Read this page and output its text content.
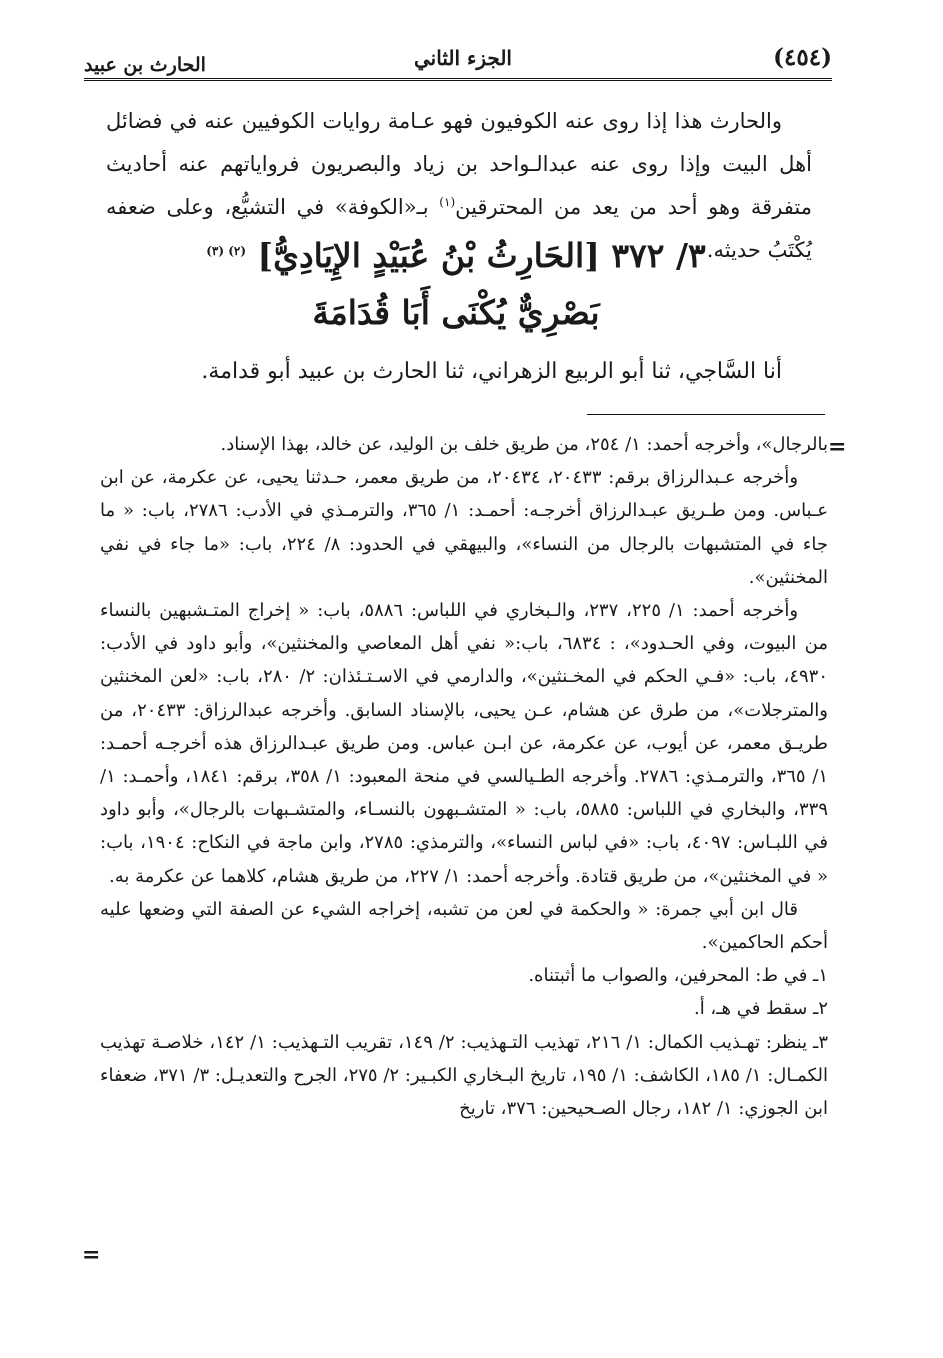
(٤٥٤)
الجزء الثاني
الحارث بن عبيد

والحارث هذا إذا روى عنه الكوفيون فهو عـامة روايات الكوفيين عنه في فضائل أهل البيت وإذا روى عنه عبدالـواحد بن زياد والبصريون فرواياتهم عنه أحاديث متفرقة وهو أحد من يعد من المحترقين$^{(١)}$ بـ«الكوفة» في التشيُّع، وعلى ضعفه يُكْتَبُ حديثه.

٣/ ٣٧٢ [الحَارِثُ بْنُ عُبَيْدٍ الإِيَادِيُّ] $^{(٢) (٣)}$
بَصْرِيٌّ يُكْنَى أَبَا قُدَامَةَ
أنا السَّاجي، ثنا أبو الربيع الزهراني، ثنا الحارث بن عبيد أبو قدامة.
=

بالرجال»، وأخرجه أحمد: ١/ ٢٥٤، من طريق خلف بن الوليد، عن خالد، بهذا الإسناد.

وأخرجه عـبدالرزاق برقم: ٢٠٤٣٣، ٢٠٤٣٤، من طريق معمر، حـدثنا يحيى، عن عكرمة، عن ابن عـباس. ومن طـريق عبـدالرزاق أخرجـه: أحمـد: ١/ ٣٦٥، والترمـذي في الأدب: ٢٧٨٦، باب: « ما جاء في المتشبهات بالرجال من النساء»، والبيهقي في الحدود: ٨/ ٢٢٤، باب: «ما جاء في نفي المخنثين».

وأخرجه أحمد: ١/ ٢٢٥، ٢٣٧، والـبخاري في اللباس: ٥٨٨٦، باب: « إخراج المتـشبهين بالنساء من البيوت، وفي الحـدود»، : ٦٨٣٤، باب:« نفي أهل المعاصي والمخنثين»، وأبو داود في الأدب: ٤٩٣٠، باب: «فـي الحكم في المخـنثين»، والدارمي في الاسـتـئذان: ٢/ ٢٨٠، باب: «لعن المخنثين والمترجلات»، من طرق عن هشام، عـن يحيى، بالإسناد السابق. وأخرجه عبدالرزاق: ٢٠٤٣٣، من طريـق معمر، عن أيوب، عن عكرمة، عن ابـن عباس. ومن طريق عبـدالرزاق هذه أخرجـه أحمـد: ١/ ٣٦٥، والترمـذي: ٢٧٨٦. وأخرجه الطـيالسي في منحة المعبود: ١/ ٣٥٨، برقم: ١٨٤١، وأحمـد: ١/ ٣٣٩، والبخاري في اللباس: ٥٨٨٥، باب: « المتشـبهون بالنسـاء، والمتشـبهات بالرجال»، وأبو داود في اللبـاس: ٤٠٩٧، باب: «في لباس النساء»، والترمذي: ٢٧٨٥، وابن ماجة في النكاح: ١٩٠٤، باب: « في المخنثين»، من طريق قتادة. وأخرجه أحمد: ١/ ٢٢٧، من طريق هشام، كلاهما عن عكرمة به.

قال ابن أبي جمرة: « والحكمة في لعن من تشبه، إخراجه الشيء عن الصفة التي وضعها عليه أحكم الحاكمين».

١ـ في ط: المحرفين، والصواب ما أثبتناه.

٢ـ سقط في هـ، أ.

٣ـ ينظر: تهـذيب الكمال: ١/ ٢١٦، تهذيب التـهذيب: ٢/ ١٤٩، تقريب التـهذيب: ١/ ١٤٢، خلاصـة تهذيب الكمـال: ١/ ١٨٥، الكاشف: ١/ ١٩٥، تاريخ البـخاري الكبـير: ٢/ ٢٧٥، الجرح والتعديـل: ٣/ ٣٧١، ضعفاء ابن الجوزي: ١/ ١٨٢، رجال الصـحيحين: ٣٧٦، تاريخ

=
